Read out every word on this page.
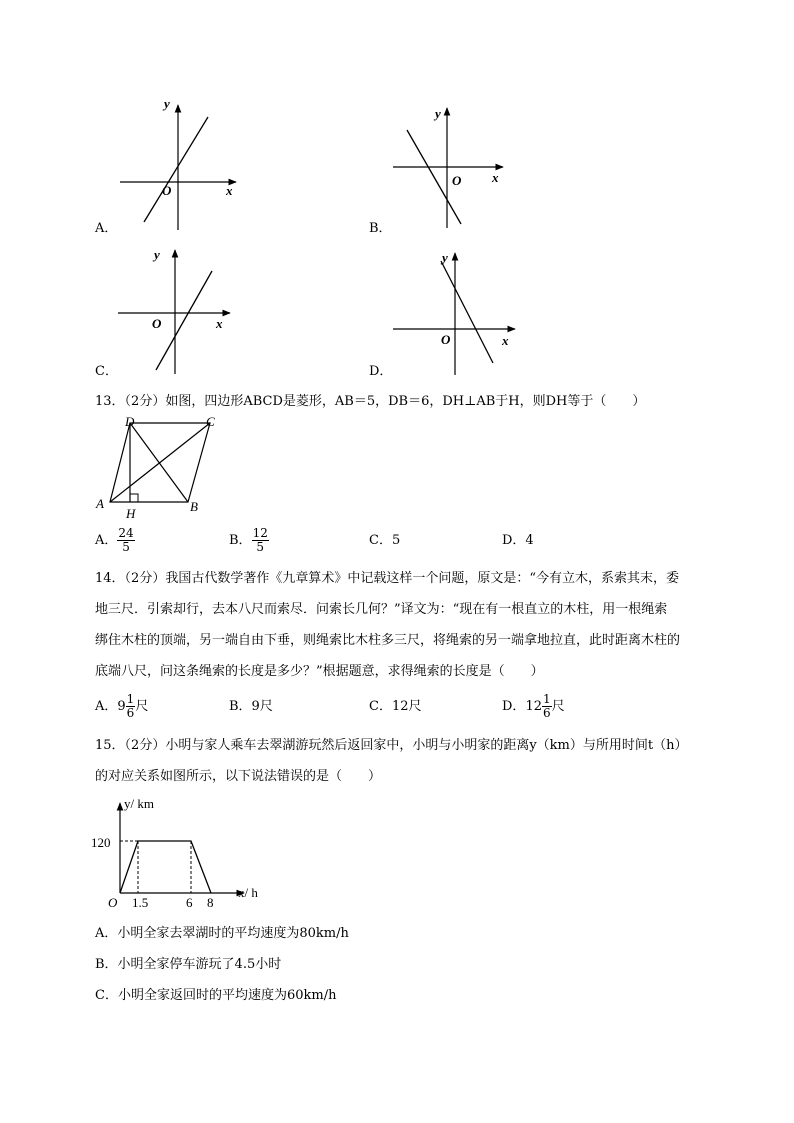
y
x
O
A．
y
x
O
B．
y
x
O
C．
y
x
O
D．
13．（2分）如图，四边形ABCD是菱形，AB＝5，DB＝6，DH⊥AB于H，则DH等于（　　）
D	C
A	B
H
A． $\frac{24}{5}$	B． $\frac{12}{5}$	C．5	D．4
14．（2分）我国古代数学著作《九章算术》中记载这样一个问题，原文是：“今有立木，系索其末，委
地三尺．引索却行，去本八尺而索尽．问索长几何？”译文为：“现在有一根直立的木柱，用一根绳索
绑住木柱的顶端，另一端自由下垂，则绳索比木柱多三尺，将绳索的另一端拿地拉直，此时距离木柱的
底端八尺，问这条绳索的长度是多少？”根据题意，求得绳索的长度是（　　）
A．$9 \frac{1}{6}$ 尺	B．9尺	C．12尺	D．$12 \frac{1}{6}$ 尺
15．（2分）小明与家人乘车去翠湖游玩然后返回家中，小明与小明家的距离y（km）与所用时间t（h）
的对应关系如图所示，以下说法错误的是（　　）
y/ km
x/ h
120
O 1.5	6 8
A．小明全家去翠湖时的平均速度为80km/h
B．小明全家停车游玩了4.5小时
C．小明全家返回时的平均速度为60km/h
